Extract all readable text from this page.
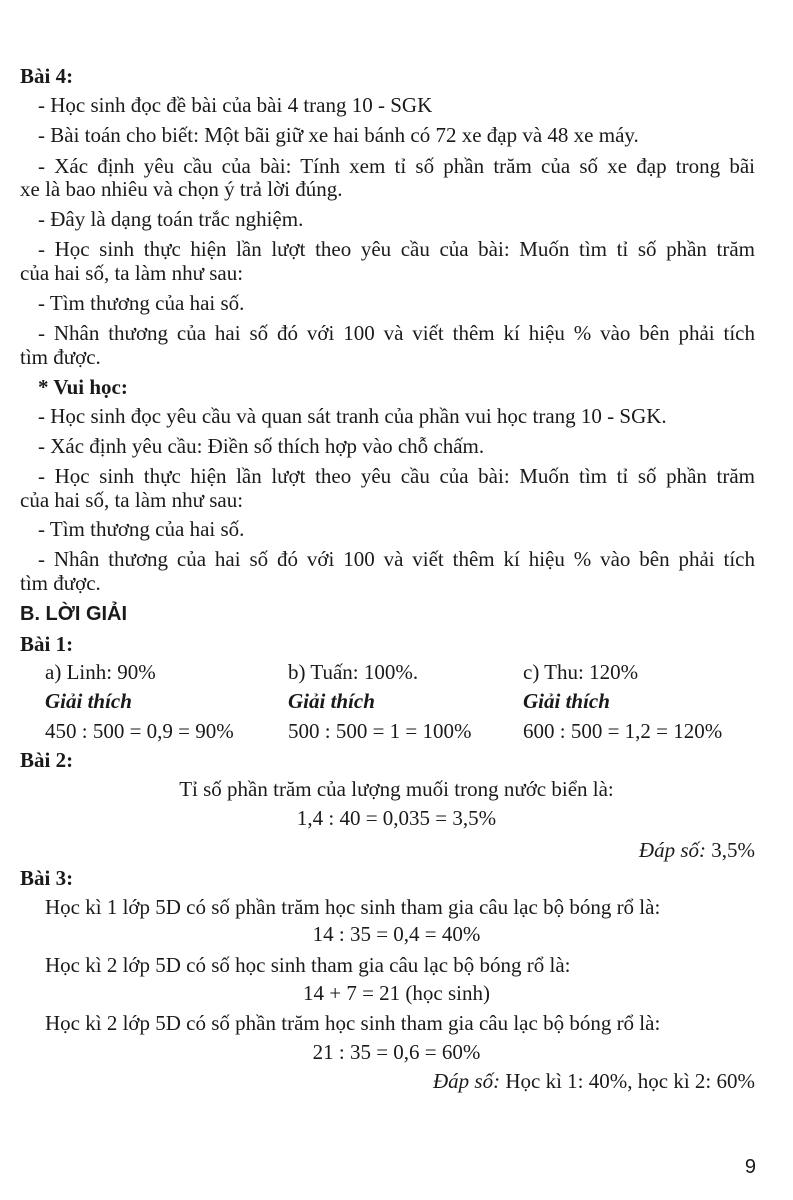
Bài 4:
- Học sinh đọc đề bài của bài 4 trang 10 - SGK
- Bài toán cho biết: Một bãi giữ xe hai bánh có 72 xe đạp và 48 xe máy.
- Xác định yêu cầu của bài: Tính xem tỉ số phần trăm của số xe đạp trong bãi
xe là bao nhiêu và chọn ý trả lời đúng.
- Đây là dạng toán trắc nghiệm.
- Học sinh thực hiện lần lượt theo yêu cầu của bài: Muốn tìm tỉ số phần trăm
của hai số, ta làm như sau:
- Tìm thương của hai số.
- Nhân thương của hai số đó với 100 và viết thêm kí hiệu % vào bên phải tích
tìm được.
* Vui học:
- Học sinh đọc yêu cầu và quan sát tranh của phần vui học trang 10 - SGK.
- Xác định yêu cầu: Điền số thích hợp vào chỗ chấm.
- Học sinh thực hiện lần lượt theo yêu cầu của bài: Muốn tìm tỉ số phần trăm
của hai số, ta làm như sau:
- Tìm thương của hai số.
- Nhân thương của hai số đó với 100 và viết thêm kí hiệu % vào bên phải tích
tìm được.
B. LỜI GIẢI
Bài 1:
a) Linh: 90%	b) Tuấn: 100%.	c) Thu: 120%
Giải thích	Giải thích	Giải thích
450 : 500 = 0,9 = 90%	500 : 500 = 1 = 100% 600 : 500 = 1,2 = 120%
Bài 2:
Tỉ số phần trăm của lượng muối trong nước biển là:
1,4 : 40 = 0,035 = 3,5%
Đáp số: 3,5%
Bài 3:
Học kì 1 lớp 5D có số phần trăm học sinh tham gia câu lạc bộ bóng rổ là:
14 : 35 = 0,4 = 40%
Học kì 2 lớp 5D có số học sinh tham gia câu lạc bộ bóng rổ là:
14 + 7 = 21 (học sinh)
Học kì 2 lớp 5D có số phần trăm học sinh tham gia câu lạc bộ bóng rổ là:
21 : 35 = 0,6 = 60%
Đáp số: Học kì 1: 40%, học kì 2: 60%
9
